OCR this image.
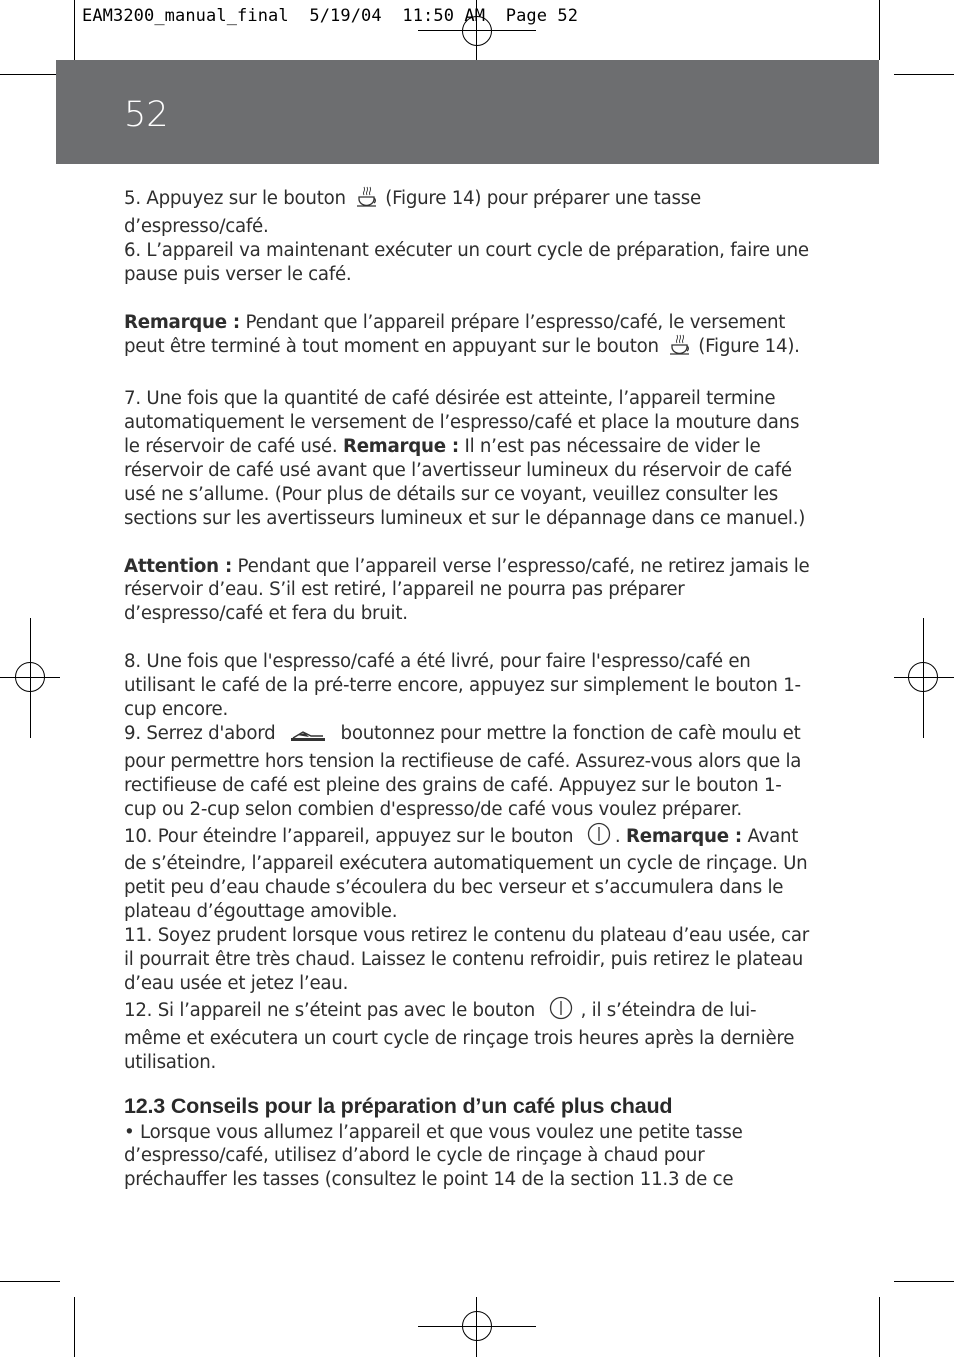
EAM3200_manual_final  5/19/04  11:50 AM  Page 52
52

5. Appuyez sur le bouton (Figure 14) pour préparer une tasse
d’espresso/café.

6. L’appareil va maintenant exécuter un court cycle de préparation, faire une pause puis verser le café.

Remarque : Pendant que l’appareil prépare l’espresso/café, le versement peut être terminé à tout moment en appuyant sur le bouton (Figure 14).

7. Une fois que la quantité de café désirée est atteinte, l’appareil termine automatiquement le versement de l’espresso/café et place la mouture dans le réservoir de café usé. Remarque : Il n’est pas nécessaire de vider le réservoir de café usé avant que l’avertisseur lumineux du réservoir de café usé ne s’allume. (Pour plus de détails sur ce voyant, veuillez consulter les sections sur les avertisseurs lumineux et sur le dépannage dans ce manuel.)

Attention : Pendant que l’appareil verse l’espresso/café, ne retirez jamais le réservoir d’eau. S’il est retiré, l’appareil ne pourra pas préparer d’espresso/café et fera du bruit.

8. Une fois que l'espresso/café a été livré, pour faire l'espresso/café en utilisant le café de la pré-terre encore, appuyez sur simplement le bouton 1-cup encore.

9. Serrez d'abord	boutonnez pour mettre la fonction de cafè moulu et pour permettre hors tension la rectifieuse de café. Assurez-vous alors que la rectifieuse de café est pleine des grains de café. Appuyez sur le bouton 1-cup ou 2-cup selon combien d'espresso/de café vous voulez préparer.

10. Pour éteindre l’appareil, appuyez sur le bouton . Remarque : Avant de s’éteindre, l’appareil exécutera automatiquement un cycle de rinçage. Un petit peu d’eau chaude s’écoulera du bec verseur et s’accumulera dans le plateau d’égouttage amovible.

11. Soyez prudent lorsque vous retirez le contenu du plateau d’eau usée, car il pourrait être très chaud. Laissez le contenu refroidir, puis retirez le plateau d’eau usée et jetez l’eau.

12. Si l’appareil ne s’éteint pas avec le bouton	, il s’éteindra de lui-même et exécutera un court cycle de rinçage trois heures après la dernière utilisation.

12.3 Conseils pour la préparation d’un café plus chaud

• Lorsque vous allumez l’appareil et que vous voulez une petite tasse d’espresso/café, utilisez d’abord le cycle de rinçage à chaud pour préchauffer les tasses (consultez le point 14 de la section 11.3 de ce
